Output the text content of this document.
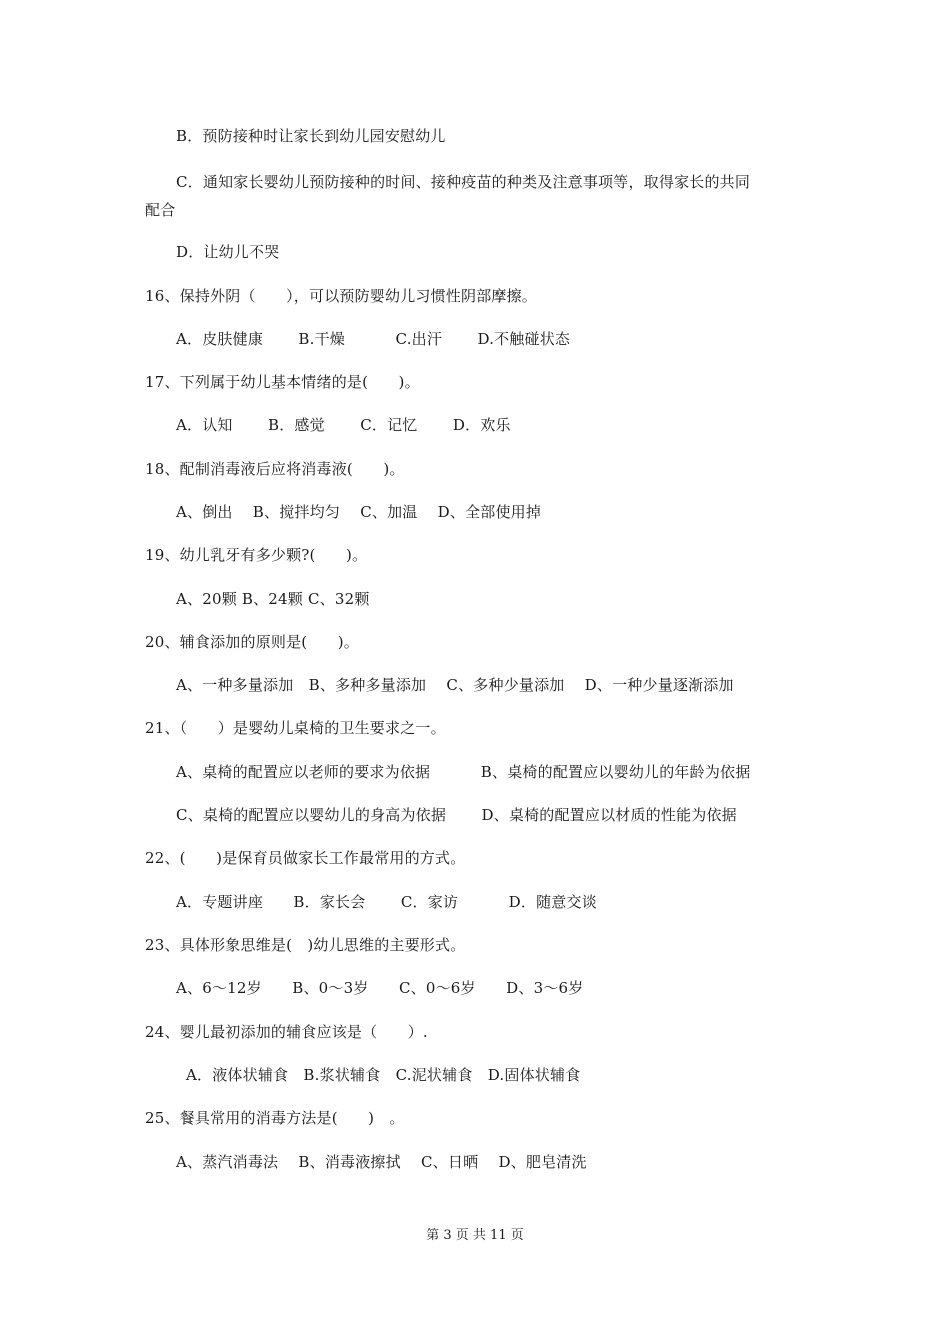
B．预防接种时让家长到幼儿园安慰幼儿
C．通知家长婴幼儿预防接种的时间、接种疫苗的种类及注意事项等，取得家长的共同
配合
D．让幼儿不哭
16、保持外阴（　　），可以预防婴幼儿习惯性阴部摩擦。
A．皮肤健康　　 B.干燥　　　 C.出汗　　 D.不触碰状态
17、下列属于幼儿基本情绪的是(　　)。
A．认知　　 B．感觉　　 C．记忆　　 D．欢乐
18、配制消毒液后应将消毒液(　　)。
A、倒出　 B、搅拌均匀　 C、加温　 D、全部使用掉
19、幼儿乳牙有多少颗?(　　)。
A、20颗 B、24颗 C、32颗
20、辅食添加的原则是(　　)。
A、一种多量添加　B、多种多量添加　 C、多种少量添加　 D、一种少量逐渐添加
21、（　　）是婴幼儿桌椅的卫生要求之一。
A、桌椅的配置应以老师的要求为依据　　　 B、桌椅的配置应以婴幼儿的年龄为依据
C、桌椅的配置应以婴幼儿的身高为依据　　 D、桌椅的配置应以材质的性能为依据
22、(　　)是保育员做家长工作最常用的方式。
A．专题讲座　　B．家长会　　 C．家访　　　 D．随意交谈
23、具体形象思维是(　)幼儿思维的主要形式。
A、6～12岁　　B、0～3岁　　C、0～6岁　　D、3～6岁
24、婴儿最初添加的辅食应该是（　　）.
A．液体状辅食　B.浆状辅食　C.泥状辅食　D.固体状辅食
25、餐具常用的消毒方法是(　　)　。
A、蒸汽消毒法　 B、消毒液擦拭　 C、日晒　 D、肥皂清洗
第 3 页 共 11 页
